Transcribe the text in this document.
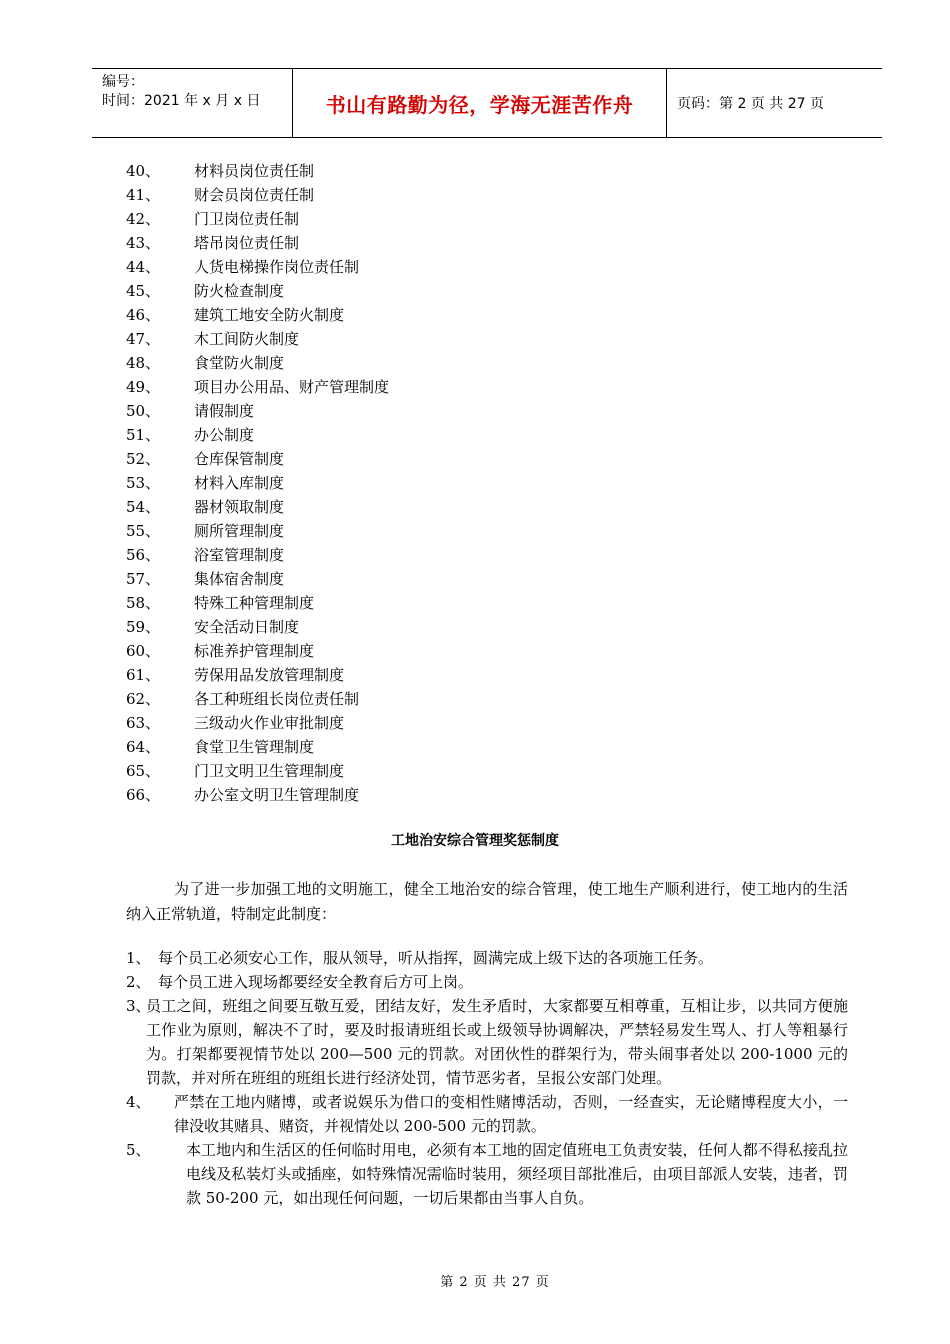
编号：
时间：2021 年 x 月 x 日	书山有路勤为径，学海无涯苦作舟	页码：第 2 页 共 27 页
40、	材料员岗位责任制
41、	财会员岗位责任制
42、	门卫岗位责任制
43、	塔吊岗位责任制
44、	人货电梯操作岗位责任制
45、	防火检查制度
46、	建筑工地安全防火制度
47、	木工间防火制度
48、	食堂防火制度
49、	项目办公用品、财产管理制度
50、	请假制度
51、	办公制度
52、	仓库保管制度
53、	材料入库制度
54、	器材领取制度
55、	厕所管理制度
56、	浴室管理制度
57、	集体宿舍制度
58、	特殊工种管理制度
59、	安全活动日制度
60、	标准养护管理制度
61、	劳保用品发放管理制度
62、	各工种班组长岗位责任制
63、	三级动火作业审批制度
64、	食堂卫生管理制度
65、	门卫文明卫生管理制度
66、	办公室文明卫生管理制度
工地治安综合管理奖惩制度
为了进一步加强工地的文明施工，健全工地治安的综合管理，使工地生产顺利进行，使工地内的生活纳入正常轨道，特制定此制度：
1、 每个员工必须安心工作，服从领导，听从指挥，圆满完成上级下达的各项施工任务。
2、 每个员工进入现场都要经安全教育后方可上岗。
3、
员工之间，班组之间要互敬互爱，团结友好，发生矛盾时，大家都要互相尊重，互相让步，以共同方便施工作业为原则，解决不了时，要及时报请班组长或上级领导协调解决，严禁轻易发生骂人、打人等粗暴行为。打架都要视情节处以 200—500 元的罚款。对团伙性的群架行为，带头闹事者处以 200-1000 元的罚款，并对所在班组的班组长进行经济处罚，情节恶劣者，呈报公安部门处理。
4、	严禁在工地内赌博，或者说娱乐为借口的变相性赌博活动，否则，一经查实，无论赌博程度大小，一律没收其赌具、赌资，并视情处以 200-500 元的罚款。
5、	本工地内和生活区的任何临时用电，必须有本工地的固定值班电工负责安装，任何人都不得私接乱拉电线及私装灯头或插座，如特殊情况需临时装用，须经项目部批准后，由项目部派人安装，违者，罚款 50-200 元，如出现任何问题，一切后果都由当事人自负。
第 2 页 共 27 页
